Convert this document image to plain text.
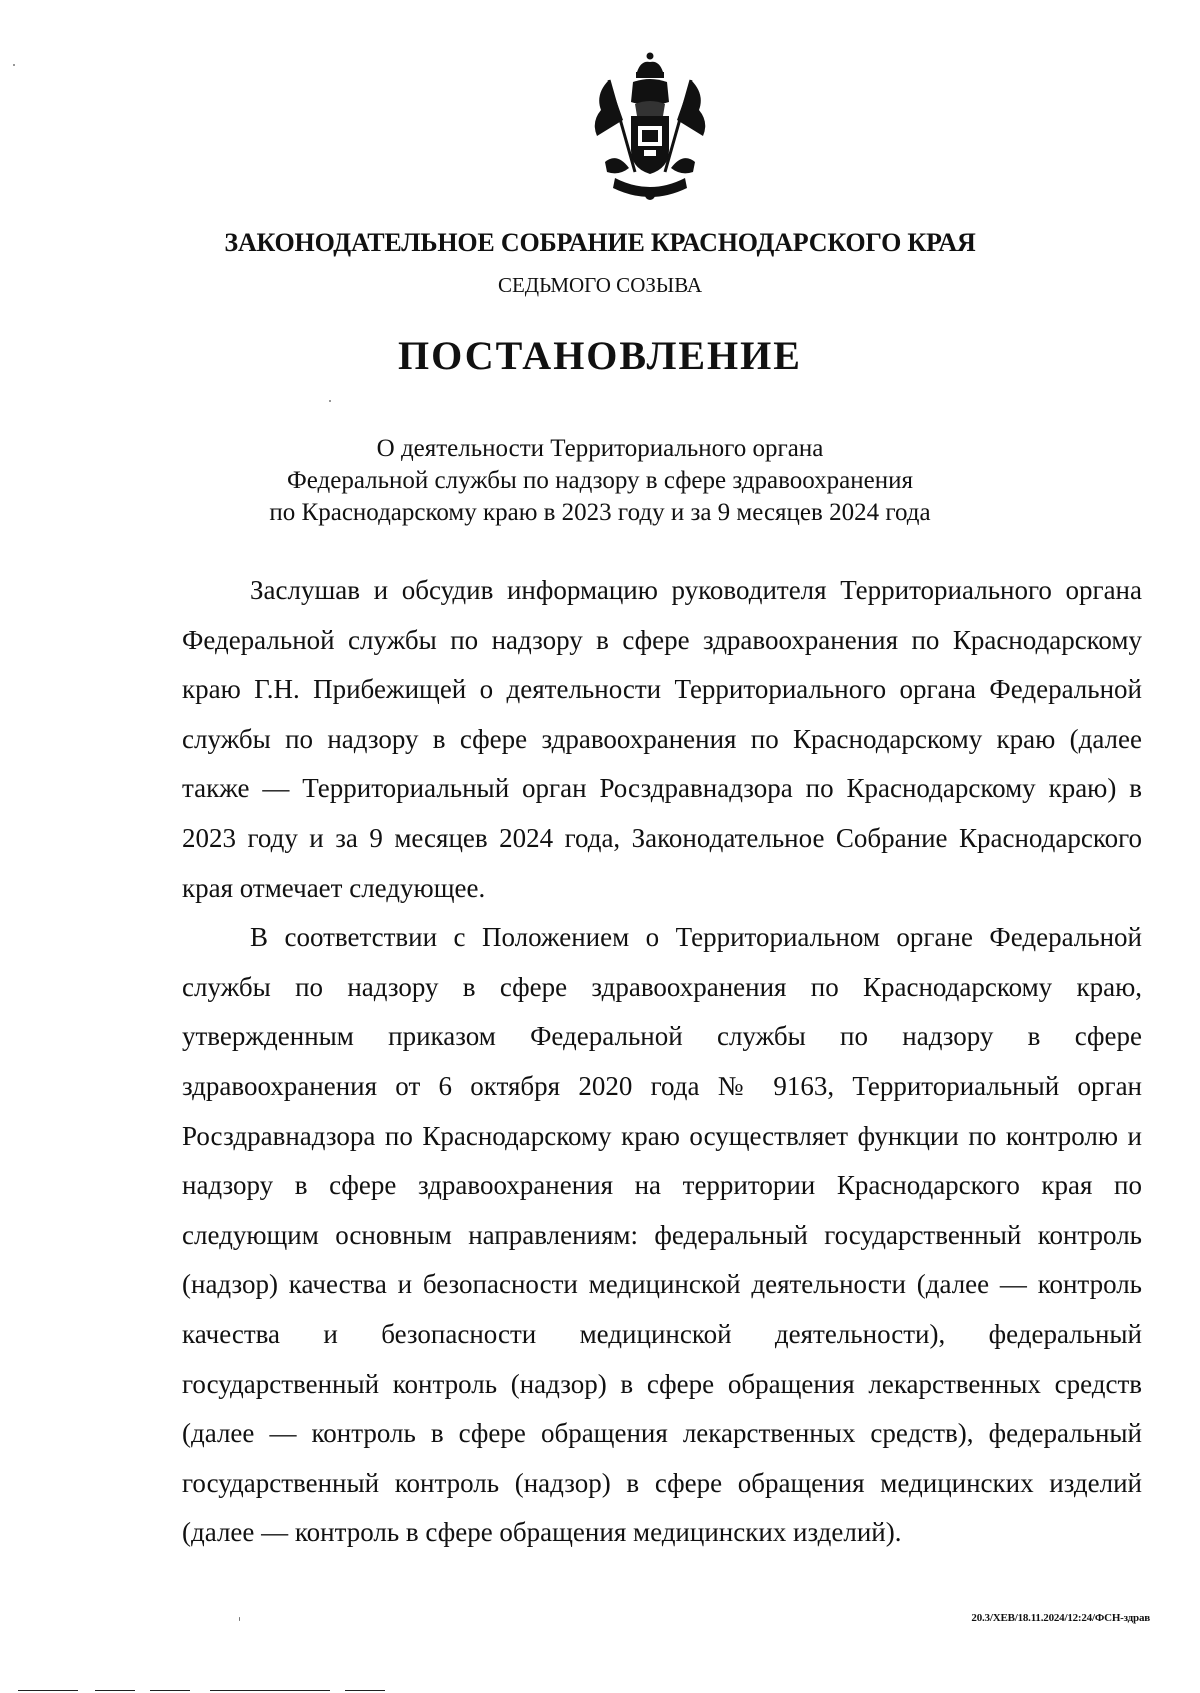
ЗАКОНОДАТЕЛЬНОЕ СОБРАНИЕ КРАСНОДАРСКОГО КРАЯ
СЕДЬМОГО СОЗЫВА
ПОСТАНОВЛЕНИЕ
О деятельности Территориального органа
Федеральной службы по надзору в сфере здравоохранения
по Краснодарскому краю в 2023 году и за 9 месяцев 2024 года

Заслушав и обсудив информацию руководителя Территориального органа Федеральной службы по надзору в сфере здравоохранения по Краснодарскому краю Г.Н. Прибежищей о деятельности Территориального органа Федеральной службы по надзору в сфере здравоохранения по Краснодарскому краю (далее также — Территориальный орган Росздравнадзора по Краснодарскому краю) в 2023 году и за 9 месяцев 2024 года, Законодательное Собрание Краснодарского края отмечает следующее.

В соответствии с Положением о Территориальном органе Федеральной службы по надзору в сфере здравоохранения по Краснодарскому краю, утвержденным приказом Федеральной службы по надзору в сфере здравоохранения от 6 октября 2020 года № 9163, Территориальный орган Росздравнадзора по Краснодарскому краю осуществляет функции по контролю и надзору в сфере здравоохранения на территории Краснодарского края по следующим основным направлениям: федеральный государственный контроль (надзор) качества и безопасности медицинской деятельности (далее — контроль качества и безопасности медицинской деятельности), федеральный государственный контроль (надзор) в сфере обращения лекарственных средств (далее — контроль в сфере обращения лекарственных средств), федеральный государственный контроль (надзор) в сфере обращения медицинских изделий (далее — контроль в сфере обращения медицинских изделий).

20.3/ХЕВ/18.11.2024/12:24/ФСН-здрав
